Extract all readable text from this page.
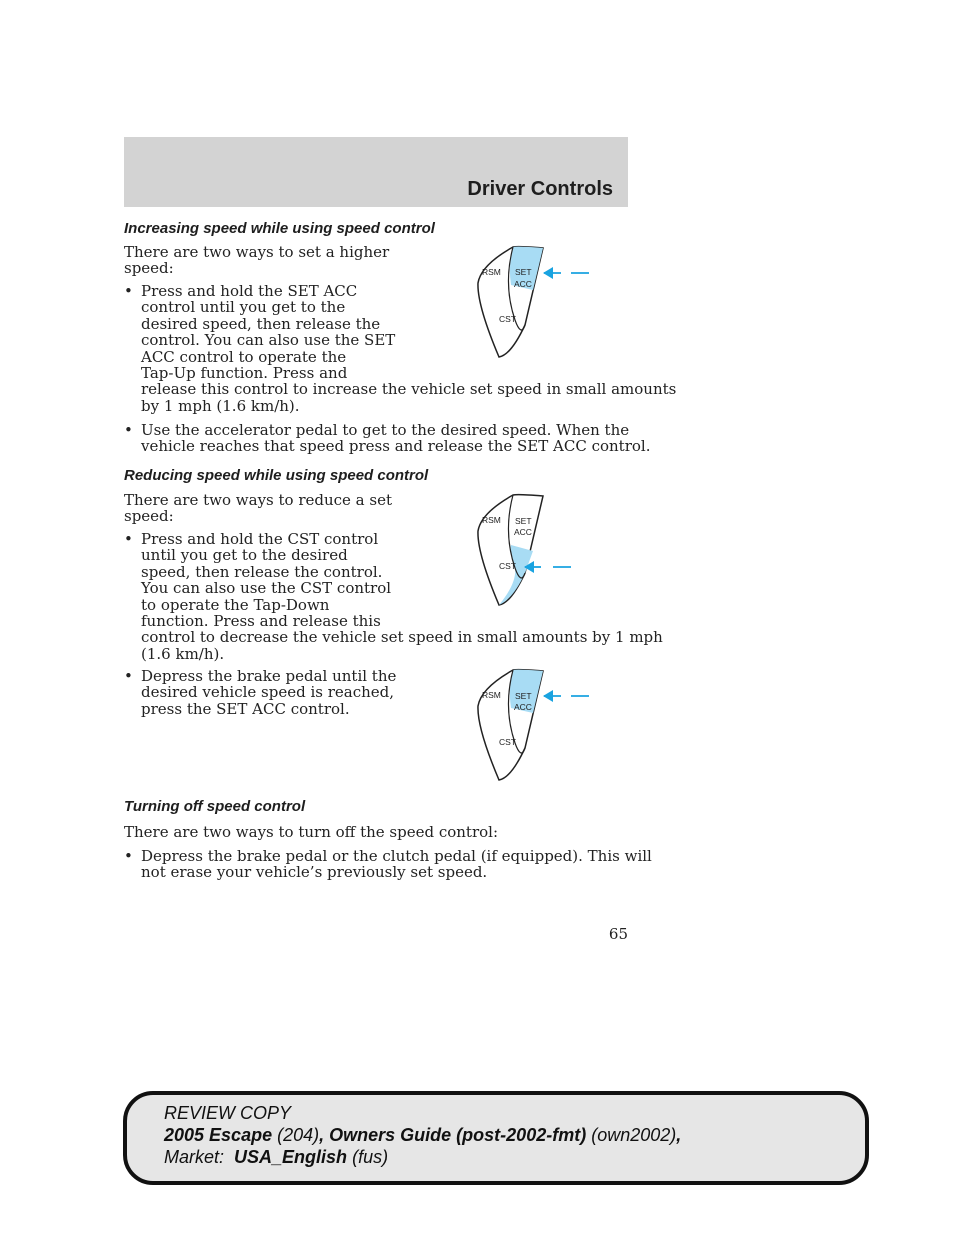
Driver Controls
Increasing speed while using speed control
There are two ways to set a higher
speed:
• Press and hold the SET ACC
control until you get to the
desired speed, then release the
control. You can also use the SET
ACC control to operate the
Tap-Up function. Press and
release this control to increase the vehicle set speed in small amounts
by 1 mph (1.6 km/h).
• Use the accelerator pedal to get to the desired speed. When the
vehicle reaches that speed press and release the SET ACC control.
RSM SET
ACC
CST
Reducing speed while using speed control
There are two ways to reduce a set
speed:
• Press and hold the CST control
until you get to the desired
speed, then release the control.
You can also use the CST control
to operate the Tap-Down
function. Press and release this
control to decrease the vehicle set speed in small amounts by 1 mph
(1.6 km/h).
• Depress the brake pedal until the
desired vehicle speed is reached,
press the SET ACC control.
RSM SET
ACC
CST
RSM SET
ACC
CST
Turning off speed control
There are two ways to turn off the speed control:
• Depress the brake pedal or the clutch pedal (if equipped). This will
not erase your vehicle’s previously set speed.
65
REVIEW COPY
2005 Escape (204), Owners Guide (post-2002-fmt) (own2002),
Market: USA_English (fus)
